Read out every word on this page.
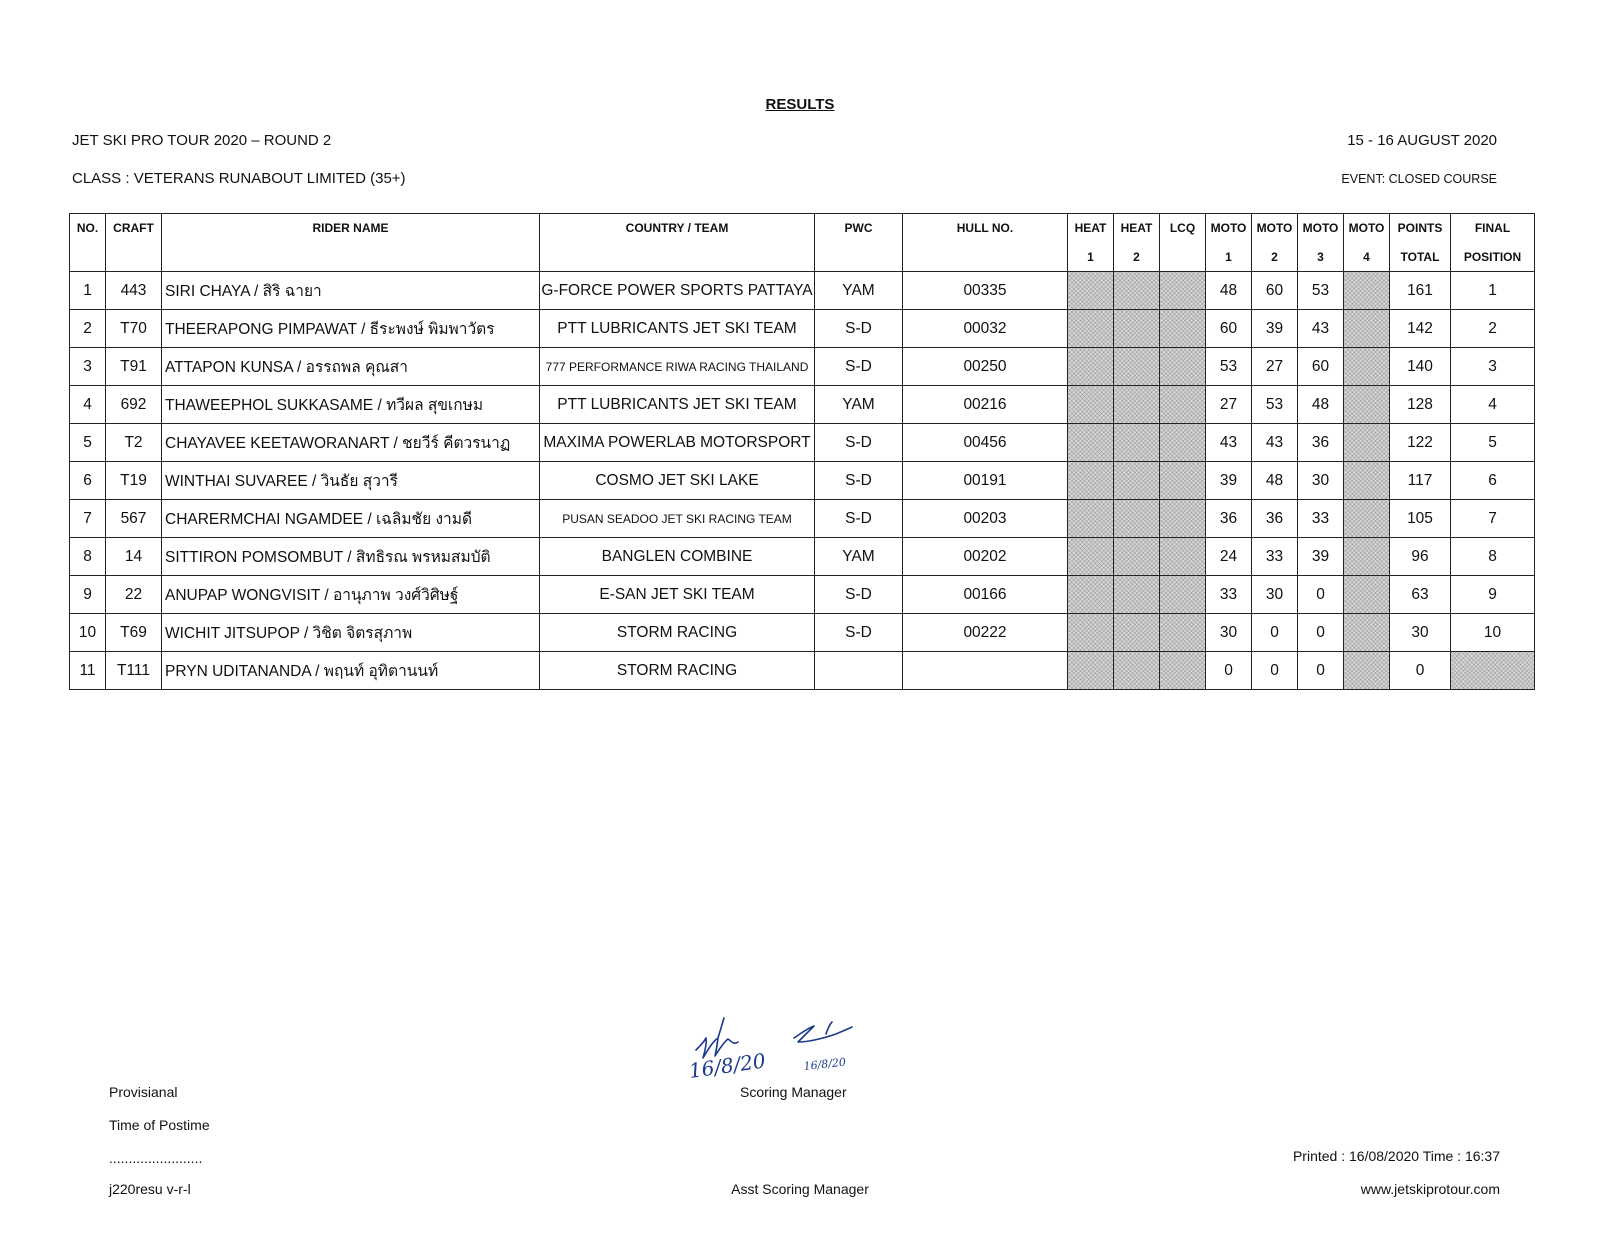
RESULTS
JET SKI PRO TOUR 2020 – ROUND 2	15 - 16 AUGUST 2020
CLASS : VETERANS RUNABOUT LIMITED (35+)	EVENT: CLOSED COURSE
NO.	CRAFT	RIDER NAME	COUNTRY / TEAM	PWC	HULL NO.	HEAT	HEAT	LCQ	MOTO	MOTO	MOTO	MOTO	POINTS	FINAL
						1	2		1	2	3	4	TOTAL	POSITION
1	443	SIRI CHAYA / สิริ ฉายา	G-FORCE POWER SPORTS PATTAYA	YAM	00335				48	60	53		161	1
2	T70	THEERAPONG PIMPAWAT / ธีระพงษ์ พิมพาวัตร	PTT LUBRICANTS JET SKI TEAM	S-D	00032				60	39	43		142	2
3	T91	ATTAPON KUNSA / อรรถพล คุณสา	777 PERFORMANCE RIWA RACING THAILAND	S-D	00250				53	27	60		140	3
4	692	THAWEEPHOL SUKKASAME / ทวีผล สุขเกษม	PTT LUBRICANTS JET SKI TEAM	YAM	00216				27	53	48		128	4
5	T2	CHAYAVEE KEETAWORANART / ชยวีร์ คีตวรนาฏ	MAXIMA POWERLAB MOTORSPORT	S-D	00456				43	43	36		122	5
6	T19	WINTHAI SUVAREE / วินธัย สุวารี	COSMO JET SKI LAKE	S-D	00191				39	48	30		117	6
7	567	CHARERMCHAI NGAMDEE / เฉลิมชัย งามดี	PUSAN SEADOO JET SKI RACING TEAM	S-D	00203				36	36	33		105	7
8	14	SITTIRON POMSOMBUT / สิทธิรณ พรหมสมบัติ	BANGLEN COMBINE	YAM	00202				24	33	39		96	8
9	22	ANUPAP WONGVISIT / อานุภาพ วงศ์วิศิษฐ์	E-SAN JET SKI TEAM	S-D	00166				33	30	0		63	9
10	T69	WICHIT JITSUPOP / วิชิต จิตรสุภาพ	STORM RACING	S-D	00222				30	0	0		30	10
11	T111	PRYN UDITANANDA / พฤนท์ อุทิตานนท์	STORM RACING						0	0	0		0	
16/8/20	16/8/20
Provisianal
Time of Postime
........................
j220resu v-r-l
Scoring Manager
Asst Scoring Manager
Printed : 16/08/2020 Time : 16:37
www.jetskiprotour.com
